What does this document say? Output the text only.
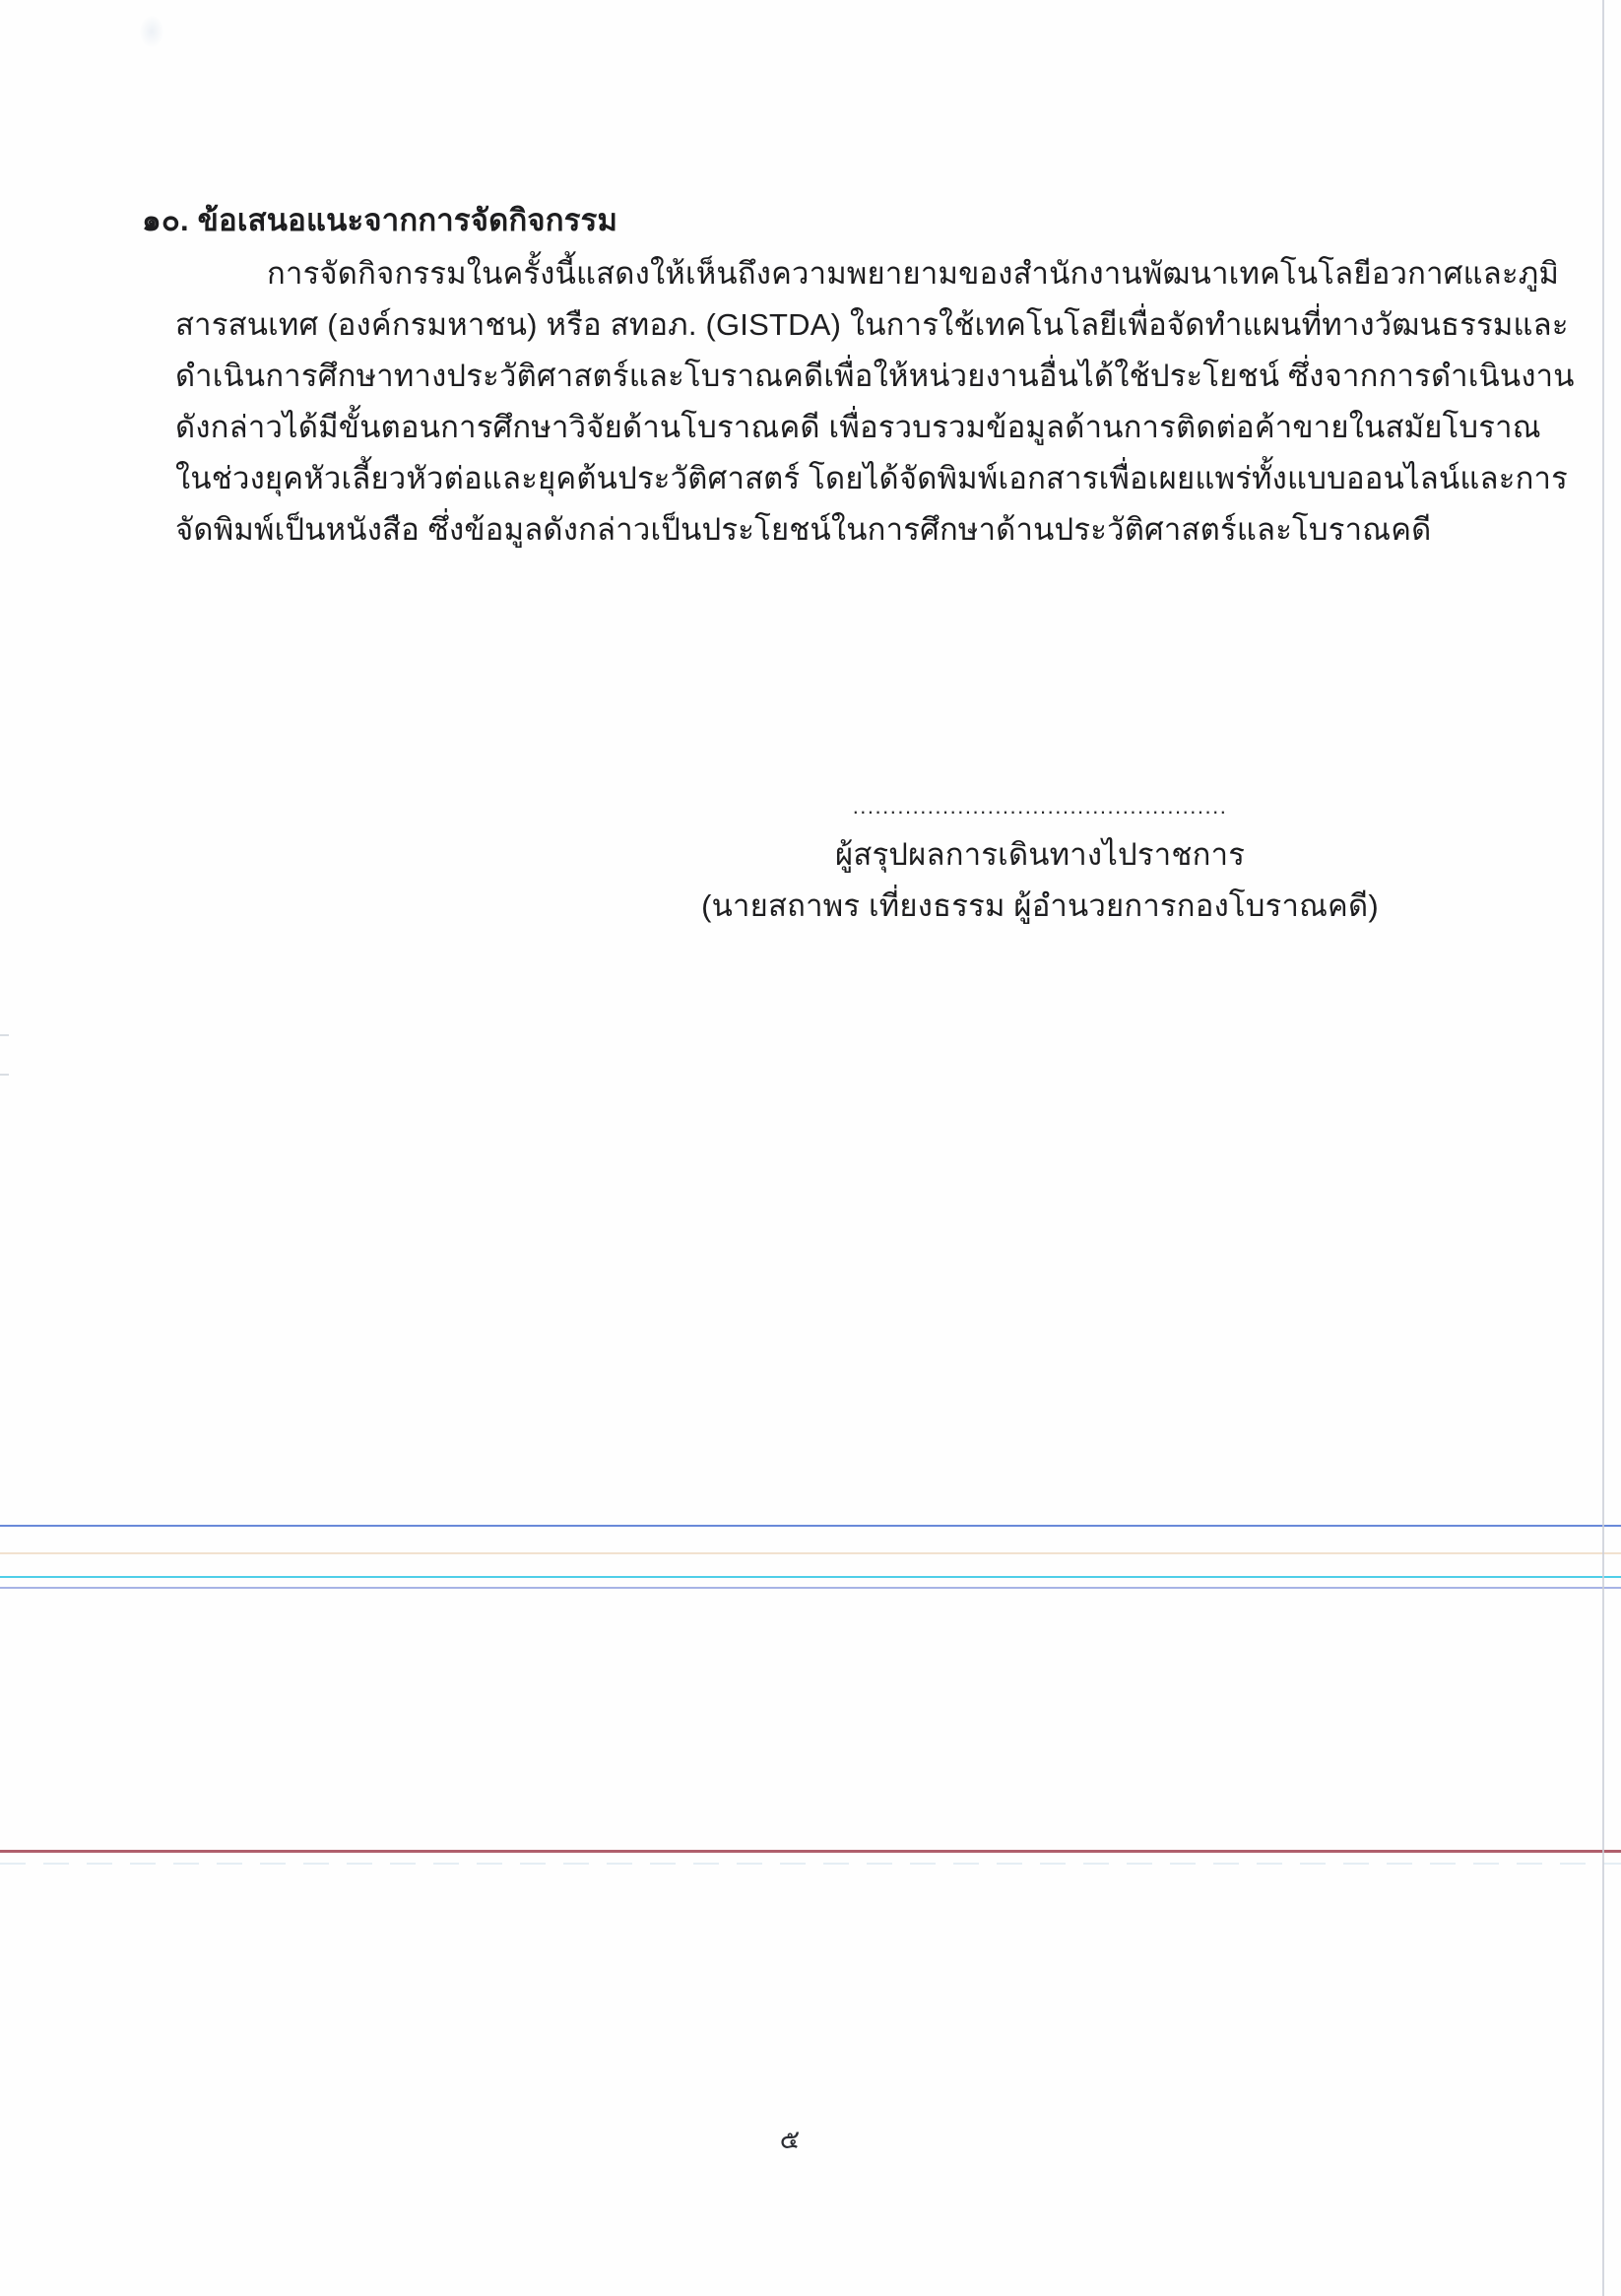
๑๐. ข้อเสนอแนะจากการจัดกิจกรรม
การจัดกิจกรรมในครั้งนี้แสดงให้เห็นถึงความพยายามของสำนักงานพัฒนาเทคโนโลยีอวกาศและภูมิ
สารสนเทศ (องค์กรมหาชน) หรือ สทอภ. (GISTDA) ในการใช้เทคโนโลยีเพื่อจัดทำแผนที่ทางวัฒนธรรมและ
ดำเนินการศึกษาทางประวัติศาสตร์และโบราณคดีเพื่อให้หน่วยงานอื่นได้ใช้ประโยชน์ ซึ่งจากการดำเนินงาน
ดังกล่าวได้มีขั้นตอนการศึกษาวิจัยด้านโบราณคดี เพื่อรวบรวมข้อมูลด้านการติดต่อค้าขายในสมัยโบราณ
ในช่วงยุคหัวเลี้ยวหัวต่อและยุคต้นประวัติศาสตร์ โดยได้จัดพิมพ์เอกสารเพื่อเผยแพร่ทั้งแบบออนไลน์และการ
จัดพิมพ์เป็นหนังสือ ซึ่งข้อมูลดังกล่าวเป็นประโยชน์ในการศึกษาด้านประวัติศาสตร์และโบราณคดี
..................................................
ผู้สรุปผลการเดินทางไปราชการ
(นายสถาพร เที่ยงธรรม ผู้อำนวยการกองโบราณคดี)
๕
